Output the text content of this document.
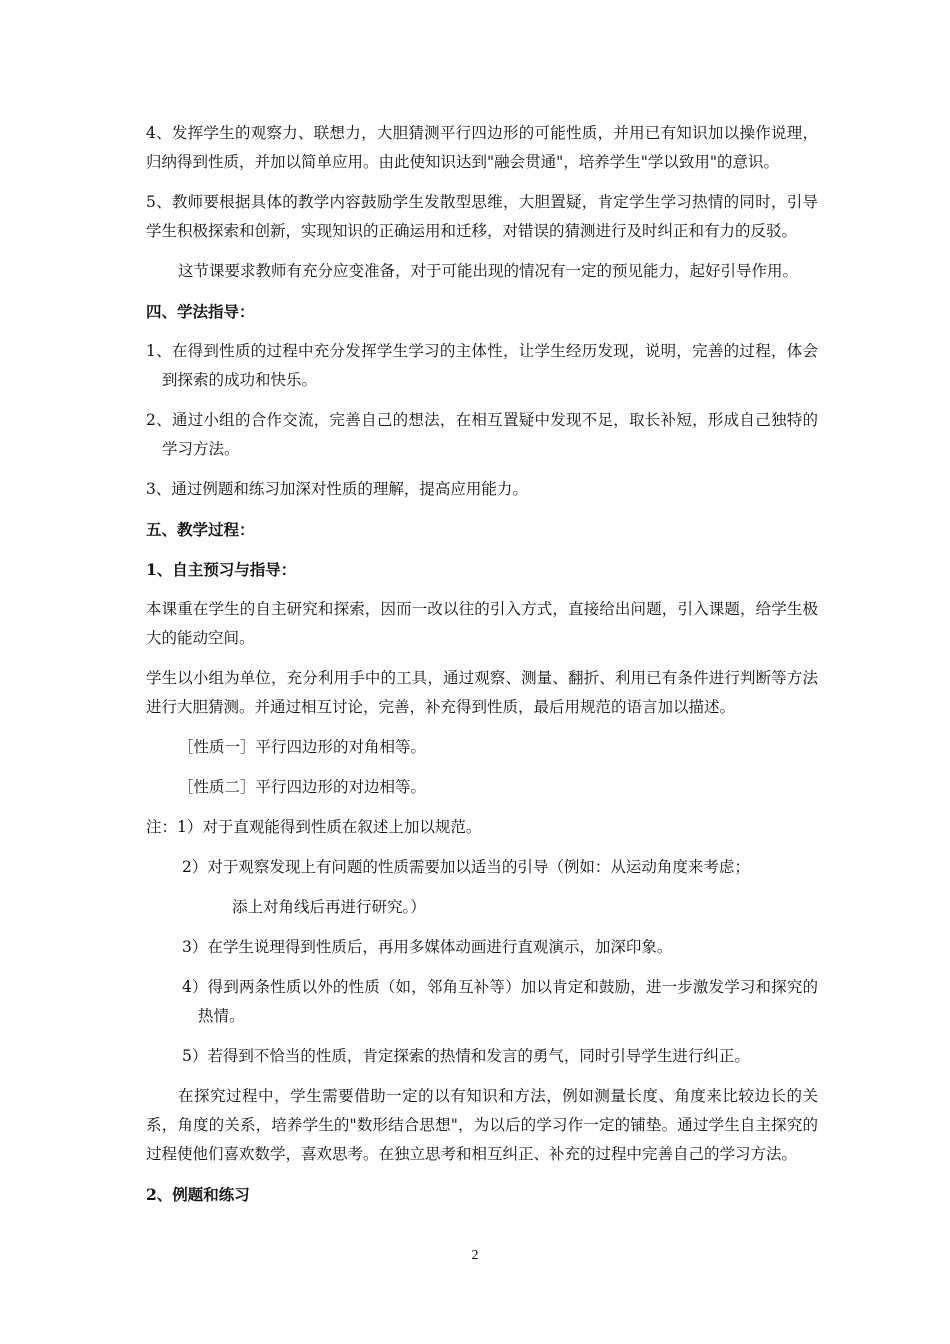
4、发挥学生的观察力、联想力，大胆猜测平行四边形的可能性质，并用已有知识加以操作说理，归纳得到性质，并加以简单应用。由此使知识达到"融会贯通"，培养学生"学以致用"的意识。

5、教师要根据具体的教学内容鼓励学生发散型思维，大胆置疑，肯定学生学习热情的同时，引导学生积极探索和创新，实现知识的正确运用和迁移，对错误的猜测进行及时纠正和有力的反驳。

这节课要求教师有充分应变准备，对于可能出现的情况有一定的预见能力，起好引导作用。

四、学法指导：

1、在得到性质的过程中充分发挥学生学习的主体性，让学生经历发现，说明，完善的过程，体会到探索的成功和快乐。

2、通过小组的合作交流，完善自己的想法，在相互置疑中发现不足，取长补短，形成自己独特的学习方法。

3、通过例题和练习加深对性质的理解，提高应用能力。

五、教学过程：

1、自主预习与指导：

本课重在学生的自主研究和探索，因而一改以往的引入方式，直接给出问题，引入课题，给学生极大的能动空间。

学生以小组为单位，充分利用手中的工具，通过观察、测量、翻折、利用已有条件进行判断等方法进行大胆猜测。并通过相互讨论，完善，补充得到性质，最后用规范的语言加以描述。

［性质一］平行四边形的对角相等。

［性质二］平行四边形的对边相等。

注：1）对于直观能得到性质在叙述上加以规范。

2）对于观察发现上有问题的性质需要加以适当的引导（例如：从运动角度来考虑；

添上对角线后再进行研究。）

3）在学生说理得到性质后，再用多媒体动画进行直观演示，加深印象。

4）得到两条性质以外的性质（如，邻角互补等）加以肯定和鼓励，进一步激发学习和探究的热情。

5）若得到不恰当的性质，肯定探索的热情和发言的勇气，同时引导学生进行纠正。

在探究过程中，学生需要借助一定的以有知识和方法，例如测量长度、角度来比较边长的关系，角度的关系，培养学生的"数形结合思想"，为以后的学习作一定的铺垫。通过学生自主探究的过程使他们喜欢数学，喜欢思考。在独立思考和相互纠正、补充的过程中完善自己的学习方法。

2、例题和练习

2
